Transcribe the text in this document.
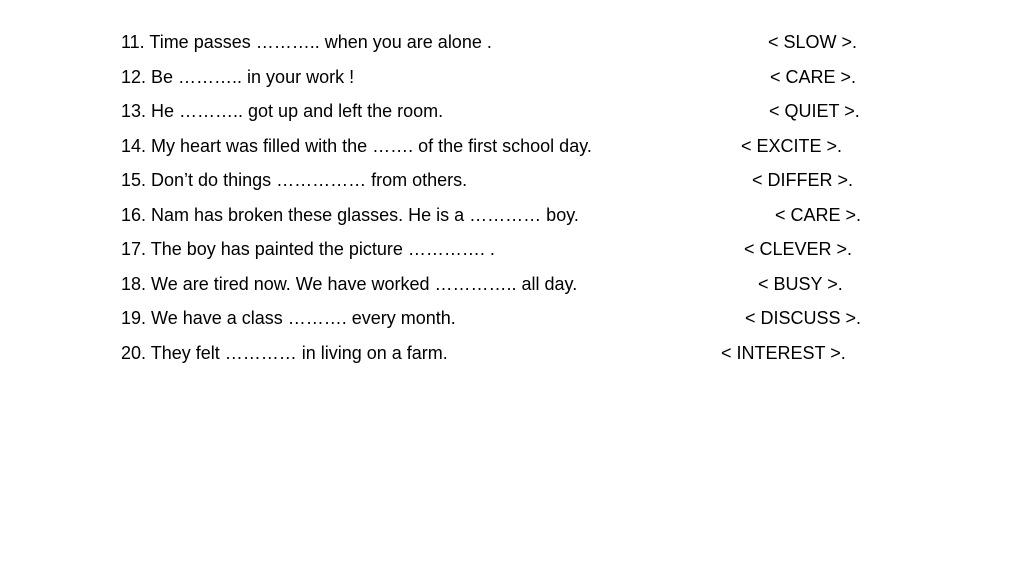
11. Time passes ……….. when you are alone .	< SLOW >.
12. Be ……….. in your work !	< CARE >.
13. He ……….. got up and left the room.	< QUIET >.
14. My heart was filled with the ……. of the first school day.	< EXCITE >.
15. Don’t do things …………… from others.	< DIFFER >.
16. Nam has broken these glasses. He is a ………… boy.	< CARE >.
17. The boy has painted the picture …………. .	< CLEVER >.
18. We are tired now. We have worked ………….. all day.	< BUSY >.
19. We have a class ………. every month.	< DISCUSS >.
20. They felt ………… in living on a farm.	< INTEREST >.
